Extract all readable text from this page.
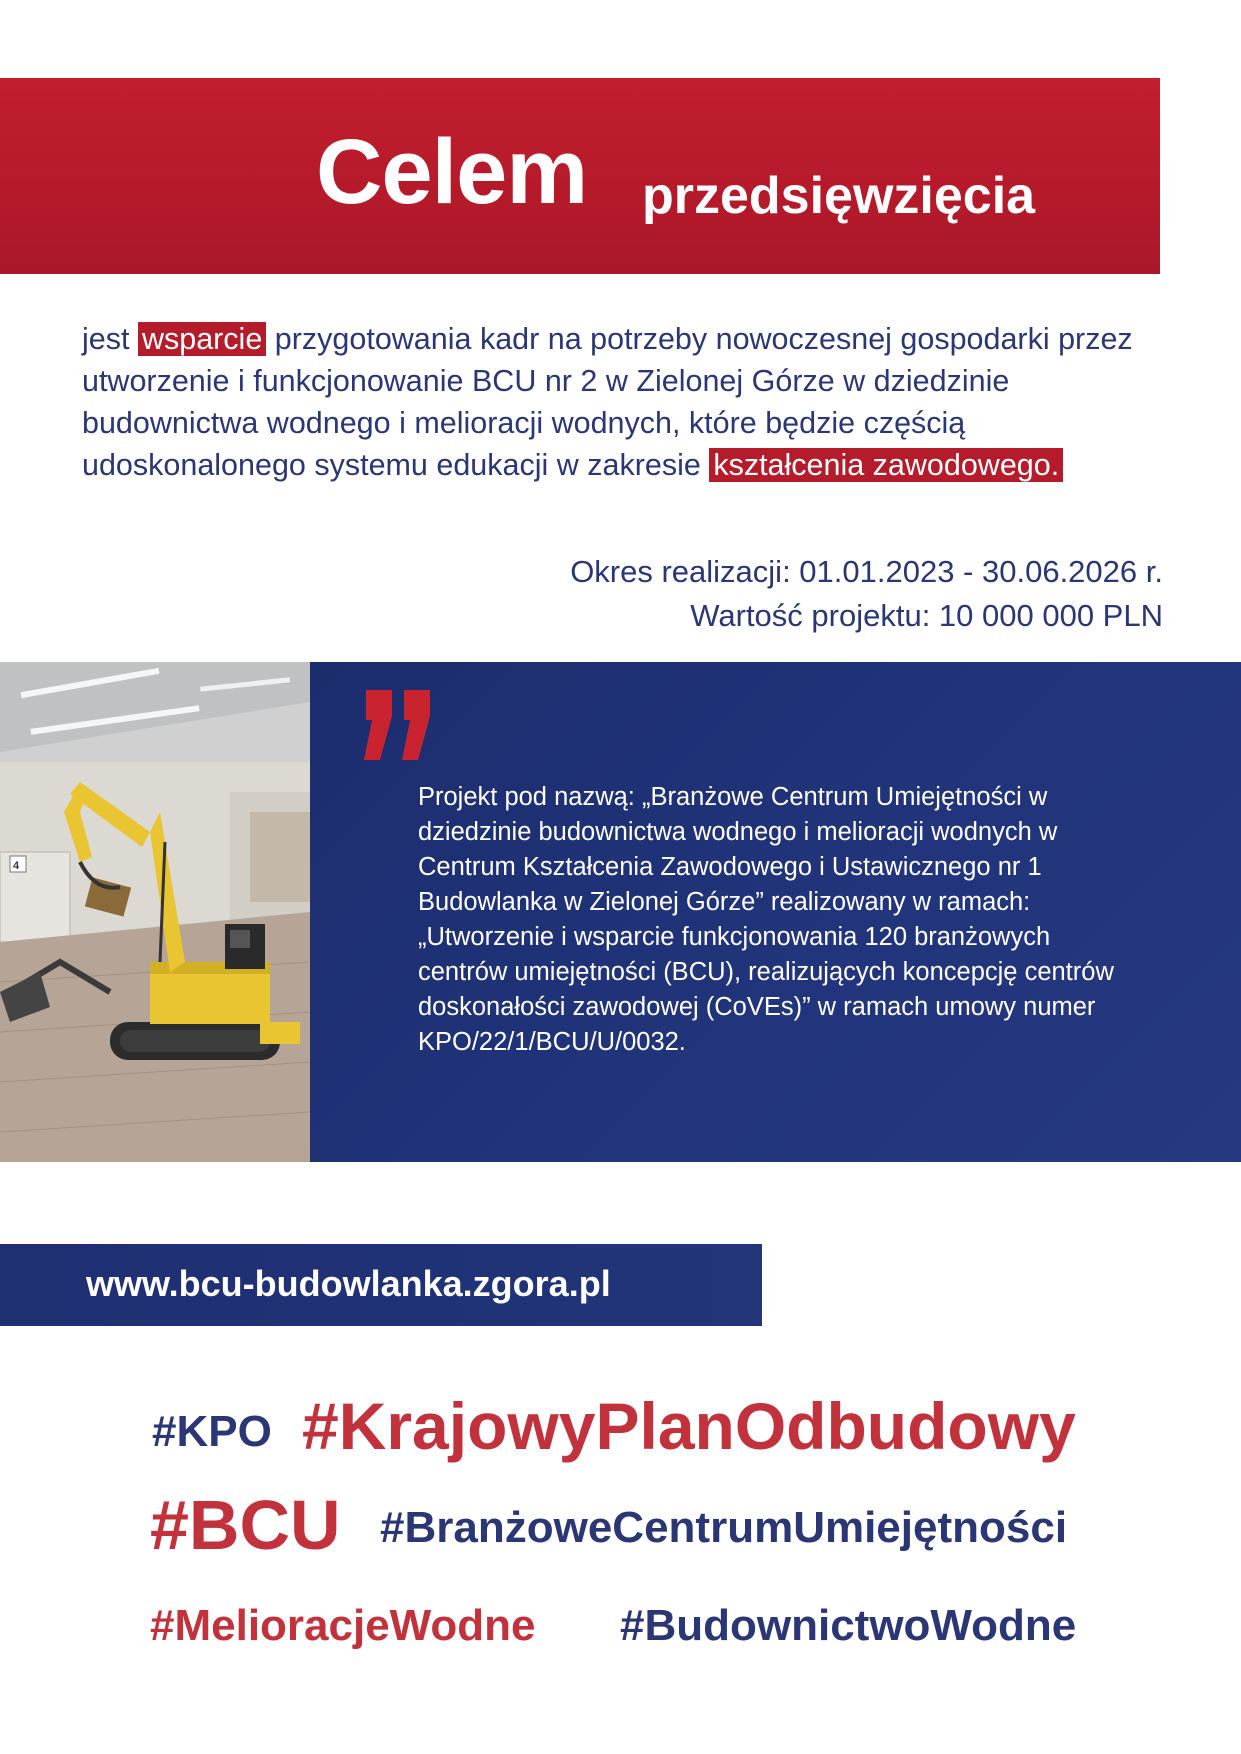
Celem przedsięwzięcia
jest wsparcie przygotowania kadr na potrzeby nowoczesnej gospodarki przez utworzenie i funkcjonowanie BCU nr 2 w Zielonej Górze w dziedzinie budownictwa wodnego i melioracji wodnych, które będzie częścią udoskonalonego systemu edukacji w zakresie kształcenia zawodowego.
Okres realizacji: 01.01.2023 - 30.06.2026 r.
Wartość projektu: 10 000 000 PLN
4
Projekt pod nazwą: „Branżowe Centrum Umiejętności w dziedzinie budownictwa wodnego i melioracji wodnych w Centrum Kształcenia Zawodowego i Ustawicznego nr 1 Budowlanka w Zielonej Górze” realizowany w ramach: „Utworzenie i wsparcie funkcjonowania 120 branżowych centrów umiejętności (BCU), realizujących koncepcję centrów doskonałości zawodowej (CoVEs)” w ramach umowy numer KPO/22/1/BCU/U/0032.
www.bcu-budowlanka.zgora.pl
#KPO #KrajowyPlanOdbudowy
#BCU #BranżoweCentrumUmiejętności
#MelioracjeWodne #BudownictwoWodne
